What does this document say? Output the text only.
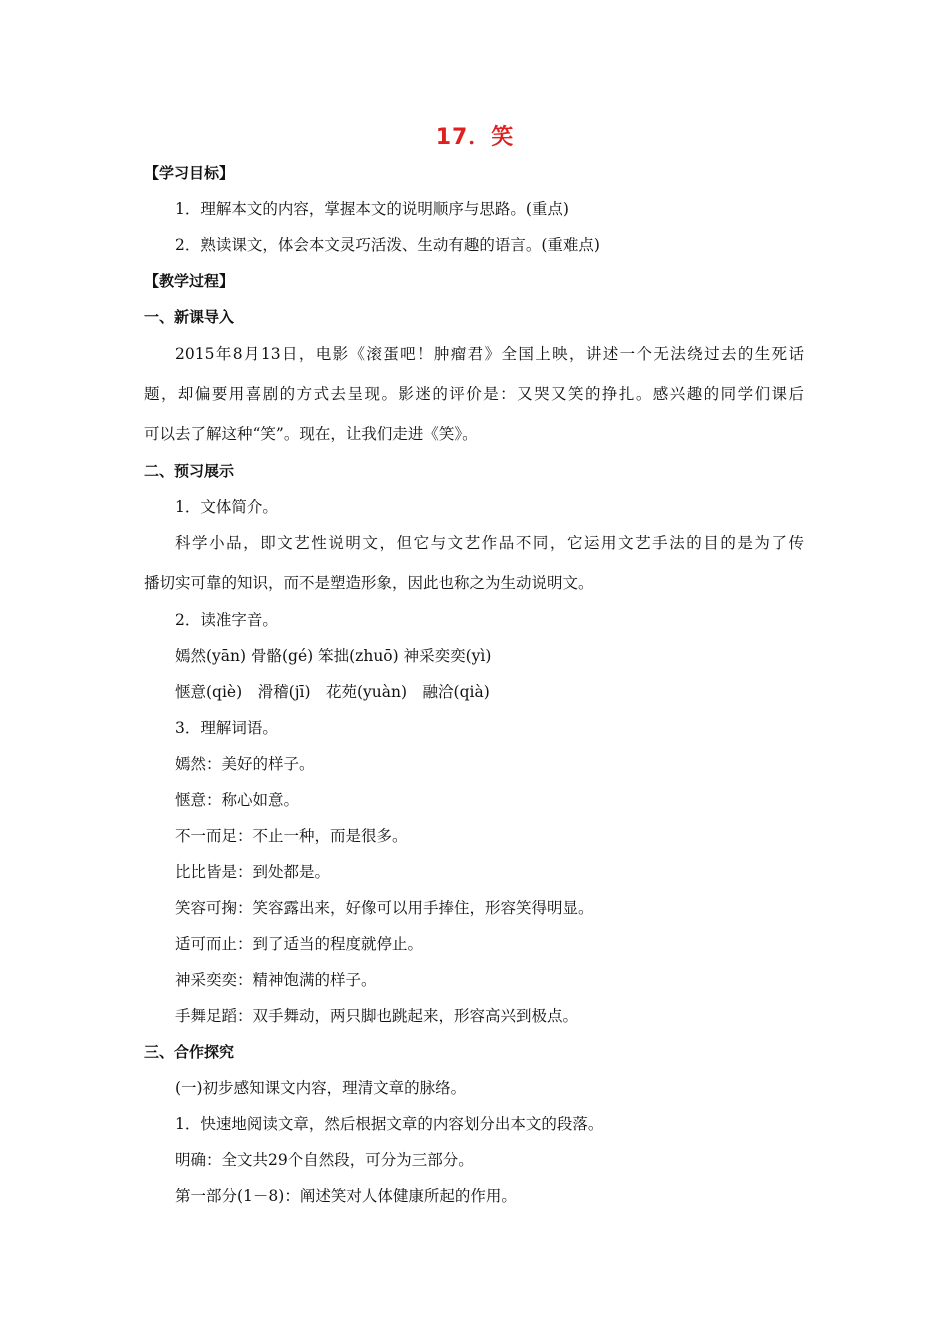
17．笑
【学习目标】
1．理解本文的内容，掌握本文的说明顺序与思路。(重点)
2．熟读课文，体会本文灵巧活泼、生动有趣的语言。(重难点)
【教学过程】
一、新课导入
2015年8月13日，电影《滚蛋吧！肿瘤君》全国上映，讲述一个无法绕过去的生死话
题，却偏要用喜剧的方式去呈现。影迷的评价是：又哭又笑的挣扎。感兴趣的同学们课后
可以去了解这种“笑”。现在，让我们走进《笑》。
二、预习展示
1．文体简介。
科学小品，即文艺性说明文，但它与文艺作品不同，它运用文艺手法的目的是为了传
播切实可靠的知识，而不是塑造形象，因此也称之为生动说明文。
2．读准字音。
嫣然(yān) 骨骼(gé) 笨拙(zhuō) 神采奕奕(yì)
惬意(qiè)　滑稽(jī)　花苑(yuàn)　融洽(qià)
3．理解词语。
嫣然：美好的样子。
惬意：称心如意。
不一而足：不止一种，而是很多。
比比皆是：到处都是。
笑容可掬：笑容露出来，好像可以用手捧住，形容笑得明显。
适可而止：到了适当的程度就停止。
神采奕奕：精神饱满的样子。
手舞足蹈：双手舞动，两只脚也跳起来，形容高兴到极点。
三、合作探究
(一)初步感知课文内容，理清文章的脉络。
1．快速地阅读文章，然后根据文章的内容划分出本文的段落。
明确：全文共29个自然段，可分为三部分。
第一部分(1－8)：阐述笑对人体健康所起的作用。
